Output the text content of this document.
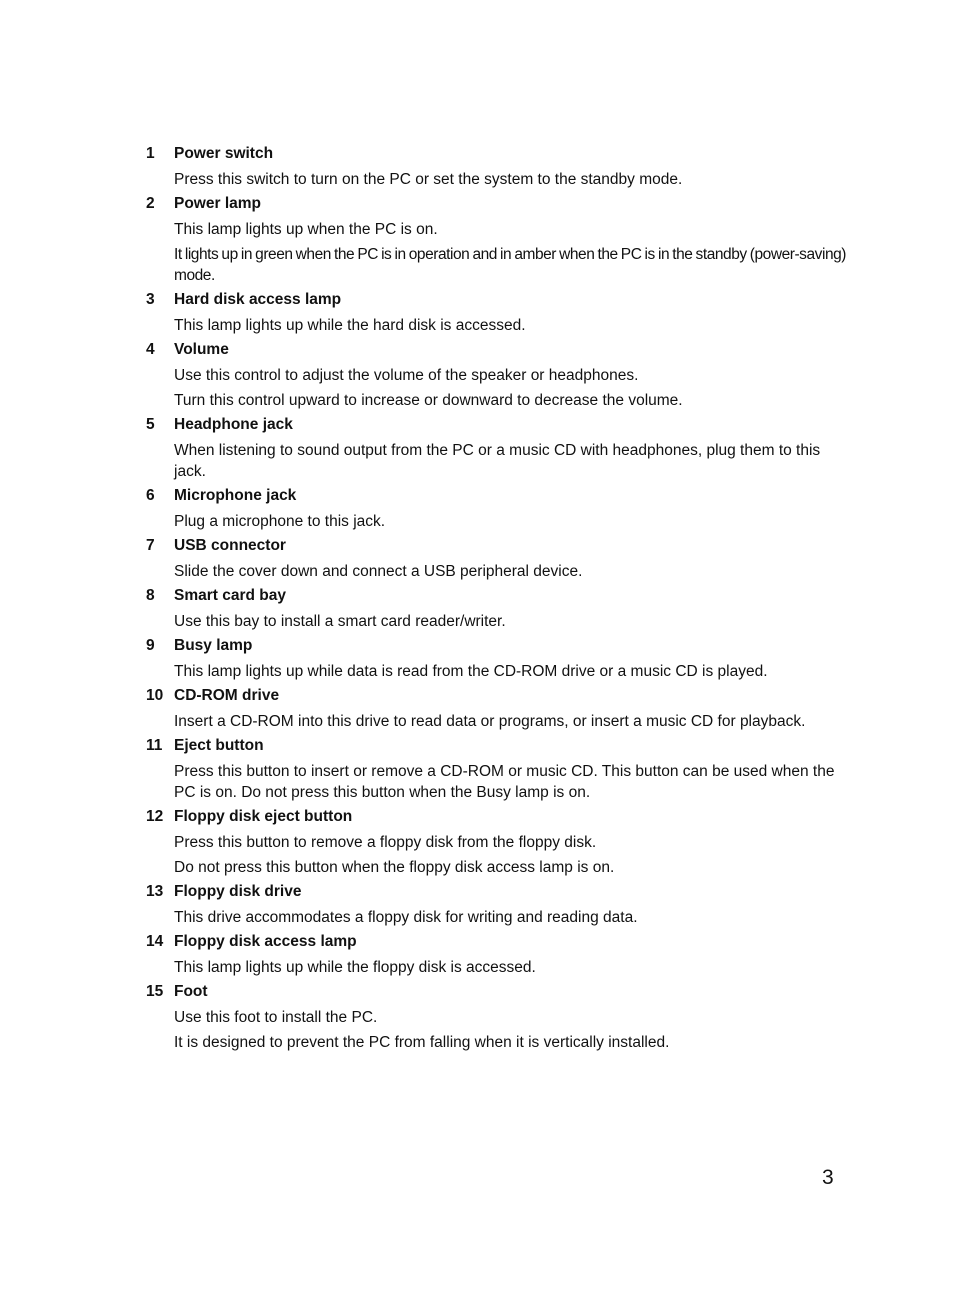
1	Power switch

Press this switch to turn on the PC or set the system to the standby mode.

2	Power lamp

This lamp lights up when the PC is on.

It lights up in green when the PC is in operation and in amber when the PC is in the standby (power-saving) mode.

3	Hard disk access lamp

This lamp lights up while the hard disk is accessed.

4	Volume

Use this control to adjust the volume of the speaker or headphones.

Turn this control upward to increase or downward to decrease the volume.

5	Headphone jack

When listening to sound output from the PC or a music CD with headphones, plug them to this jack.

6	Microphone jack

Plug a microphone to this jack.

7	USB connector

Slide the cover down and connect a USB peripheral device.

8	Smart card bay

Use this bay to install a smart card reader/writer.

9	Busy lamp

This lamp lights up while data is read from the CD-ROM drive or a music CD is played.

10 CD-ROM drive

Insert a CD-ROM into this drive to read data or programs, or insert a music CD for playback.

11 Eject button

Press this button to insert or remove a CD-ROM or music CD. This button can be used when the PC is on. Do not press this button when the Busy lamp is on.

12 Floppy disk eject button

Press this button to remove a floppy disk from the floppy disk.

Do not press this button when the floppy disk access lamp is on.

13 Floppy disk drive

This drive accommodates a floppy disk for writing and reading data.

14 Floppy disk access lamp

This lamp lights up while the floppy disk is accessed.

15 Foot

Use this foot to install the PC.

It is designed to prevent the PC from falling when it is vertically installed.

3
